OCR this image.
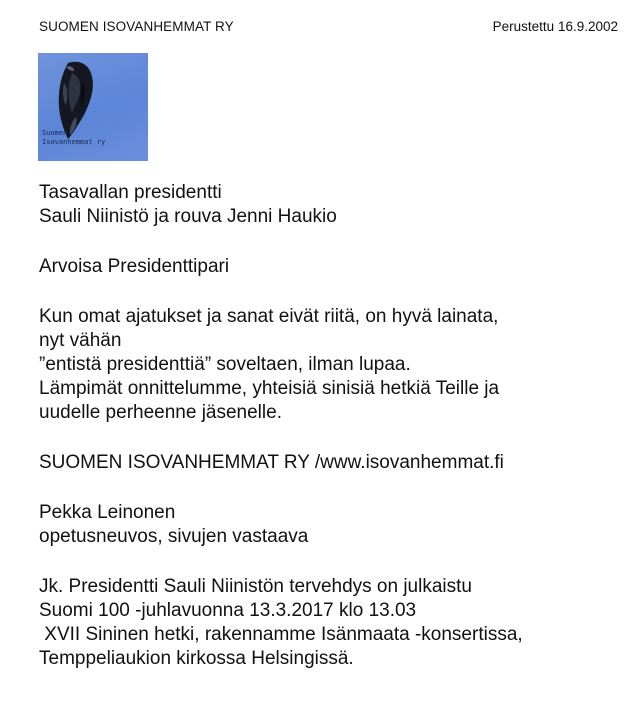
SUOMEN ISOVANHEMMAT RY	Perustettu 16.9.2002
Suomen
Isovanhemmat ry

Tasavallan presidentti

Sauli Niinistö ja rouva Jenni Haukio

Arvoisa Presidenttipari

Kun omat ajatukset ja sanat eivät riitä, on hyvä lainata,

nyt vähän

”entistä presidenttiä” soveltaen, ilman lupaa.

Lämpimät onnittelumme, yhteisiä sinisiä hetkiä Teille ja

uudelle perheenne jäsenelle.

SUOMEN ISOVANHEMMAT RY /www.isovanhemmat.fi

Pekka Leinonen

opetusneuvos, sivujen vastaava

Jk. Presidentti Sauli Niinistön tervehdys on julkaistu

Suomi 100 -juhlavuonna 13.3.2017 klo 13.03

XVII Sininen hetki, rakennamme Isänmaata -konsertissa,

Temppeliaukion kirkossa Helsingissä.
